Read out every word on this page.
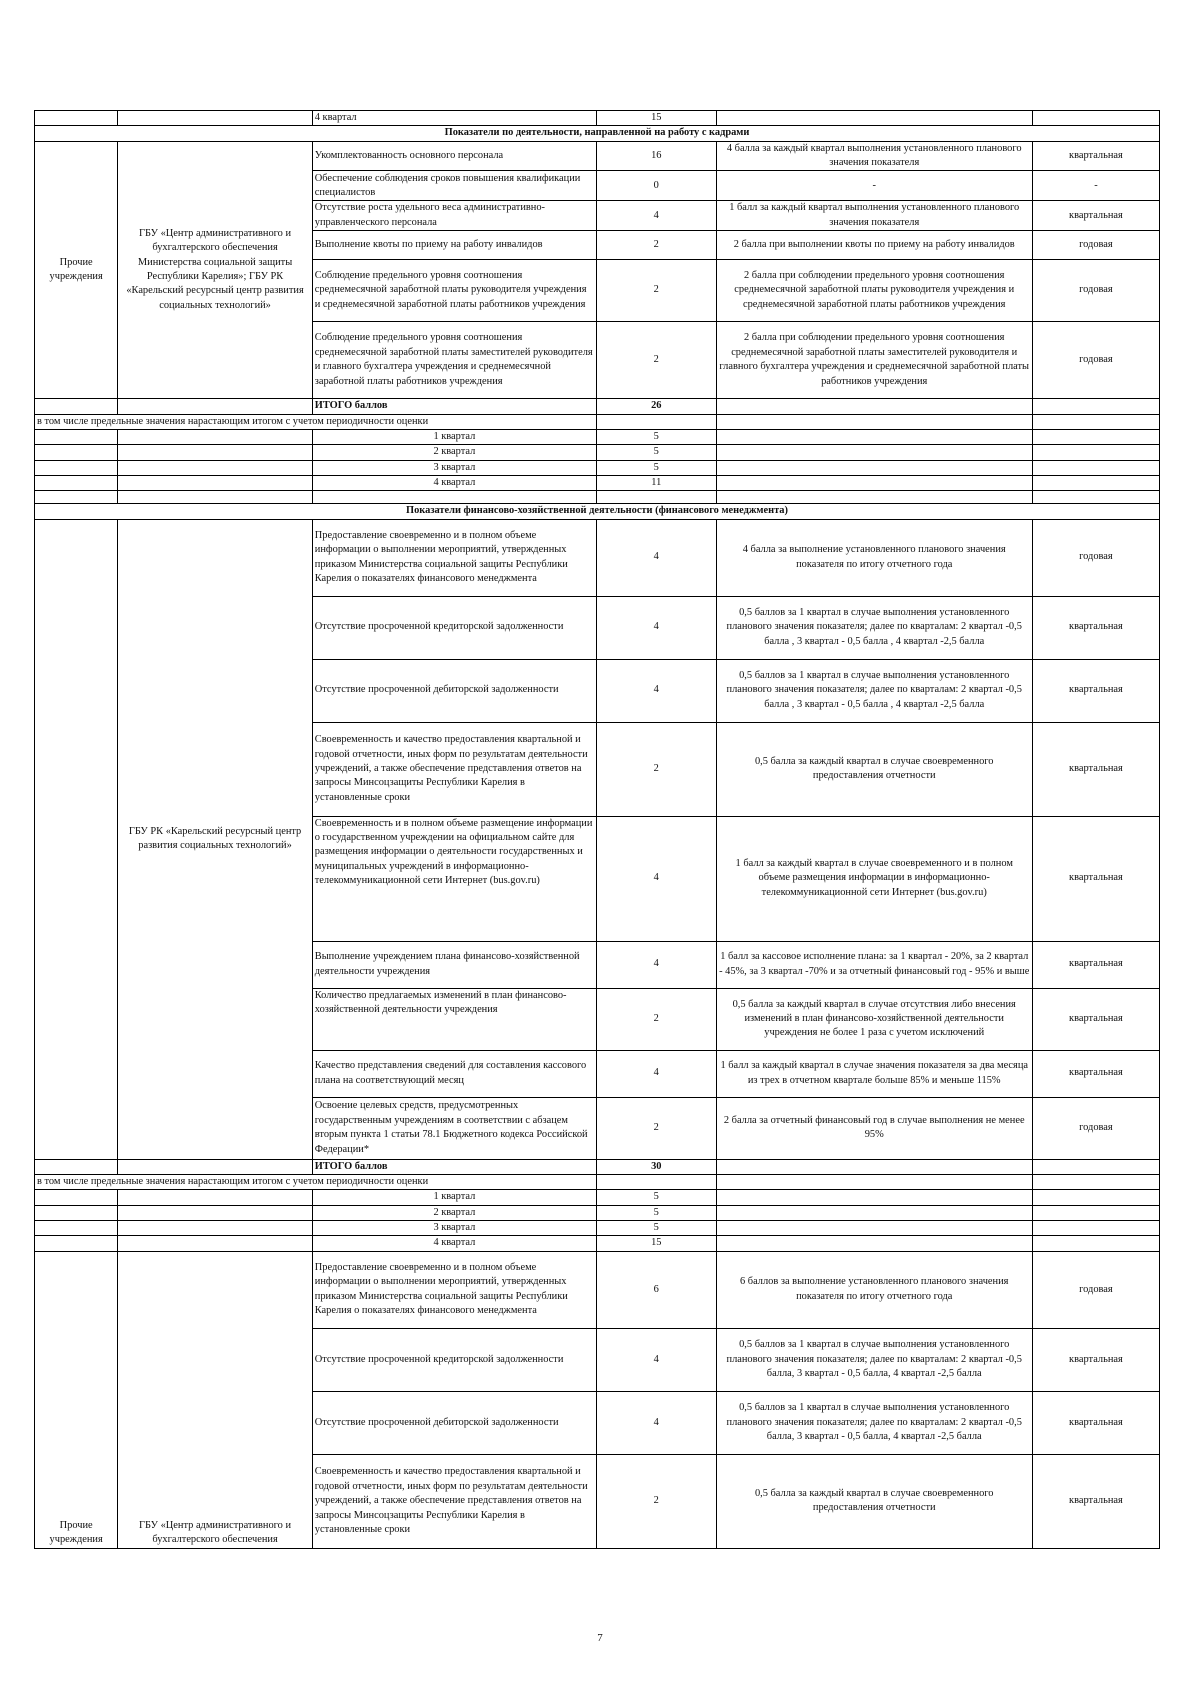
		4 квартал	15		
Показатели по деятельности, направленной на работу с кадрами					
Прочие учреждения	ГБУ «Центр административного и бухгалтерского обеспечения Министерства социальной защиты Республики Карелия»; ГБУ РК «Карельский ресурсный центр развития социальных технологий»	Укомплектованность основного персонала	16	4 балла за каждый квартал выполнения установленного планового значения показателя	квартальная
		Обеспечение соблюдения сроков повышения квалификации специалистов	0	-	-
		Отсутствие роста удельного веса административно-управленческого персонала	4	1 балл за каждый квартал выполнения установленного планового значения показателя	квартальная
		Выполнение квоты по приему на работу инвалидов	2	2 балла при выполнении квоты по приему на работу инвалидов	годовая
		Соблюдение предельного уровня соотношения среднемесячной заработной платы руководителя учреждения и среднемесячной заработной платы работников учреждения	2	2 балла при соблюдении предельного уровня соотношения среднемесячной заработной платы руководителя учреждения и среднемесячной заработной платы работников учреждения	годовая
		Соблюдение предельного уровня соотношения среднемесячной заработной платы заместителей руководителя и главного бухгалтера учреждения и среднемесячной заработной платы работников учреждения	2	2 балла при соблюдении предельного уровня соотношения среднемесячной заработной платы заместителей руководителя и главного бухгалтера учреждения и среднемесячной заработной платы работников учреждения	годовая
		ИТОГО баллов	26		
в том числе предельные значения нарастающим итогом с учетом периодичности оценки					
		1 квартал	5		
		2 квартал	5		
		3 квартал	5		
		4 квартал	11		

Показатели финансово-хозяйственной деятельности (финансового менеджмента)					
	ГБУ РК «Карельский ресурсный центр развития социальных технологий»	Предоставление своевременно и в полном объеме информации о выполнении мероприятий, утвержденных приказом Министерства социальной защиты Республики Карелия о показателях финансового менеджмента	4	4 балла за выполнение установленного планового значения показателя по итогу отчетного года	годовая
		Отсутствие просроченной кредиторской задолженности	4	0,5 баллов за 1 квартал в случае выполнения установленного планового значения показателя; далее по кварталам: 2 квартал -0,5 балла , 3 квартал - 0,5 балла , 4 квартал -2,5 балла	квартальная
		Отсутствие просроченной дебиторской задолженности	4	0,5 баллов за 1 квартал в случае выполнения установленного планового значения показателя; далее по кварталам: 2 квартал -0,5 балла , 3 квартал - 0,5 балла , 4 квартал -2,5 балла	квартальная
		Своевременность и качество предоставления квартальной и годовой отчетности, иных форм по результатам деятельности учреждений, а также обеспечение представления ответов на запросы Минсоцзащиты Республики Карелия в установленные сроки	2	0,5 балла за каждый квартал в случае своевременного предоставления отчетности	квартальная
		Своевременность и в полном объеме размещение информации о государственном учреждении на официальном сайте для размещения информации о деятельности государственных и муниципальных учреждений в информационно-телекоммуникационной сети Интернет (bus.gov.ru)	4	1 балл за каждый квартал в случае своевременного и в полном объеме размещения информации в информационно-телекоммуникационной сети Интернет (bus.gov.ru)	квартальная
		Выполнение учреждением плана финансово-хозяйственной деятельности учреждения	4	1 балл за кассовое исполнение плана: за 1 квартал - 20%, за 2 квартал - 45%, за 3 квартал -70% и за отчетный финансовый год - 95% и выше	квартальная
		Количество предлагаемых изменений в план финансово-хозяйственной деятельности учреждения	2	0,5 балла за каждый квартал в случае отсутствия либо внесения изменений в план финансово-хозяйственной деятельности учреждения не более 1 раза с учетом исключений	квартальная
		Качество представления сведений для составления кассового плана на соответствующий месяц	4	1 балл за каждый квартал в случае значения показателя за два месяца из трех в отчетном квартале больше 85% и меньше 115%	квартальная
		Освоение целевых средств, предусмотренных государственным учреждениям в соответствии с абзацем вторым пункта 1 статьи 78.1 Бюджетного кодекса Российской Федерации*	2	2 балла за отчетный финансовый год в случае выполнения не менее 95%	годовая
		ИТОГО баллов	30		
в том числе предельные значения нарастающим итогом с учетом периодичности оценки					
		1 квартал	5		
		2 квартал	5		
		3 квартал	5		
		4 квартал	15		
Прочие учреждения	ГБУ «Центр административного и бухгалтерского обеспечения	Предоставление своевременно и в полном объеме информации о выполнении мероприятий, утвержденных приказом Министерства социальной защиты Республики Карелия о показателях финансового менеджмента	6	6 баллов за выполнение установленного планового значения показателя по итогу отчетного года	годовая
		Отсутствие просроченной кредиторской задолженности	4	0,5 баллов за 1 квартал в случае выполнения установленного планового значения показателя; далее по кварталам: 2 квартал -0,5 балла, 3 квартал - 0,5 балла, 4 квартал -2,5 балла	квартальная
		Отсутствие просроченной дебиторской задолженности	4	0,5 баллов за 1 квартал в случае выполнения установленного планового значения показателя; далее по кварталам: 2 квартал -0,5 балла, 3 квартал - 0,5 балла, 4 квартал -2,5 балла	квартальная
		Своевременность и качество предоставления квартальной и годовой отчетности, иных форм по результатам деятельности учреждений, а также обеспечение представления ответов на запросы Минсоцзащиты Республики Карелия в установленные сроки	2	0,5 балла за каждый квартал в случае своевременного предоставления отчетности	квартальная
7
